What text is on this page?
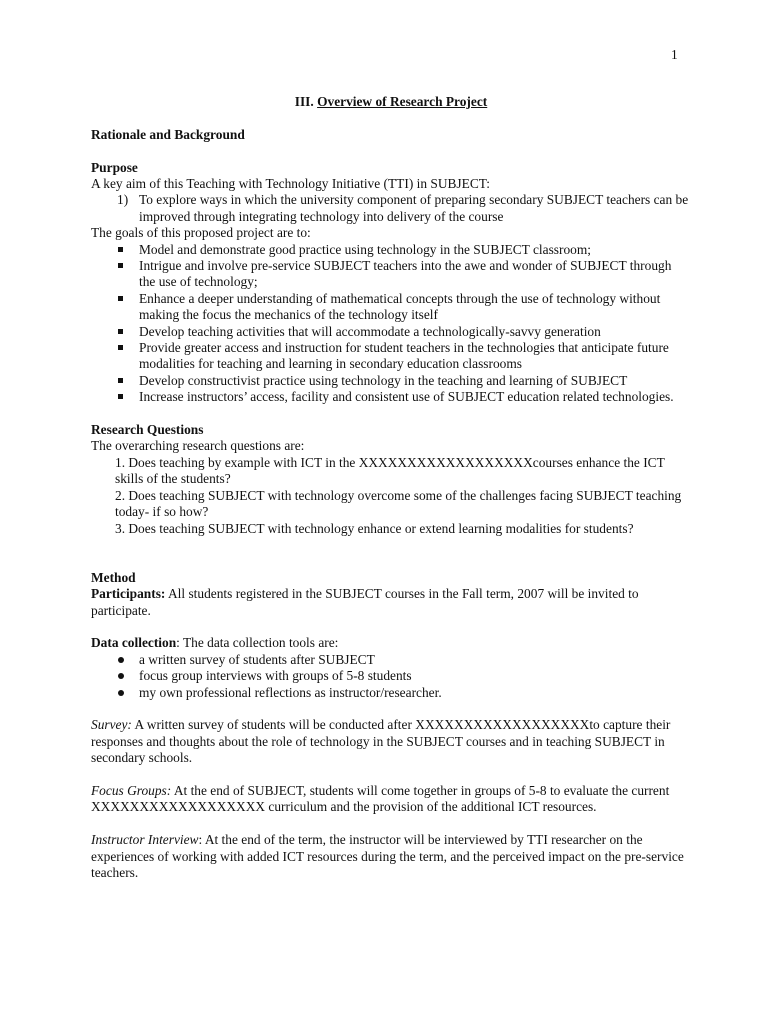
1

III. Overview of Research Project

Rationale and Background

Purpose

A key aim of this Teaching with Technology Initiative (TTI) in SUBJECT:

1) To explore ways in which the university component of preparing secondary SUBJECT teachers can be improved through integrating technology into delivery of the course

The goals of this proposed project are to:

Model and demonstrate good practice using technology in the SUBJECT classroom;
Intrigue and involve pre-service SUBJECT teachers into the awe and wonder of SUBJECT through the use of technology;
Enhance a deeper understanding of mathematical concepts through the use of technology without making the focus the mechanics of the technology itself
Develop teaching activities that will accommodate a technologically-savvy generation
Provide greater access and instruction for student teachers in the technologies that anticipate future modalities for teaching and learning in secondary education classrooms
Develop constructivist practice using technology in the teaching and learning of SUBJECT
Increase instructors’ access, facility and consistent use of SUBJECT education related technologies.

Research Questions

The overarching research questions are:

1. Does teaching by example with ICT in the XXXXXXXXXXXXXXXXXXcourses enhance the ICT skills of the students?

2. Does teaching SUBJECT with technology overcome some of the challenges facing SUBJECT teaching today- if so how?

3. Does teaching SUBJECT with technology enhance or extend learning modalities for students?

Method

Participants: All students registered in the SUBJECT courses in the Fall term, 2007 will be invited to participate.

Data collection: The data collection tools are:

a written survey of students after SUBJECT
focus group interviews with groups of 5-8 students
my own professional reflections as instructor/researcher.

Survey: A written survey of students will be conducted after XXXXXXXXXXXXXXXXXXto capture their responses and thoughts about the role of technology in the SUBJECT courses and in teaching SUBJECT in secondary schools.

Focus Groups: At the end of SUBJECT, students will come together in groups of 5-8 to evaluate the current XXXXXXXXXXXXXXXXXX curriculum and the provision of the additional ICT resources.

Instructor Interview: At the end of the term, the instructor will be interviewed by TTI researcher on the experiences of working with added ICT resources during the term, and the perceived impact on the pre-service teachers.
